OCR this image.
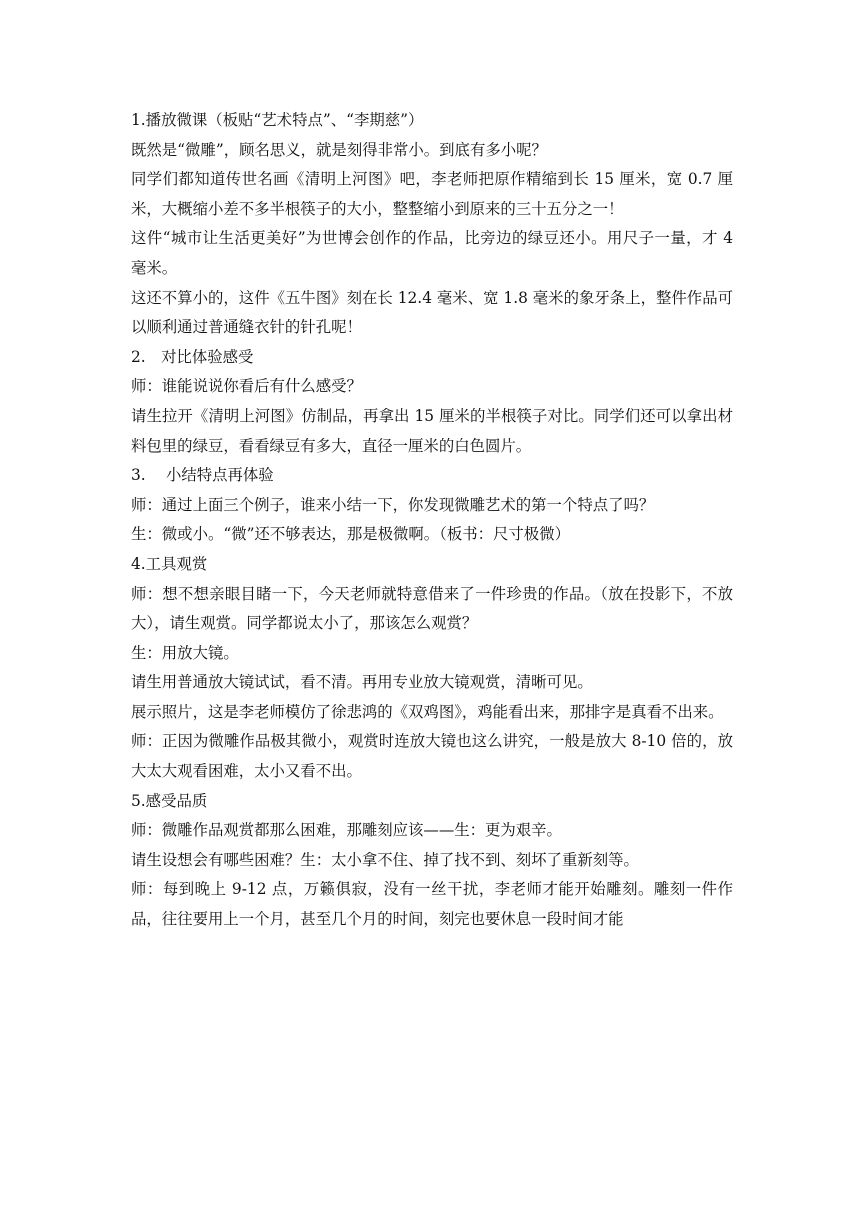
1.播放微课（板贴“艺术特点”、“李期慈”）

既然是“微雕”，顾名思义，就是刻得非常小。到底有多小呢？

同学们都知道传世名画《清明上河图》吧，李老师把原作精缩到长 15 厘米，宽 0.7 厘米，大概缩小差不多半根筷子的大小，整整缩小到原来的三十五分之一！

这件“城市让生活更美好”为世博会创作的作品，比旁边的绿豆还小。用尺子一量，才 4 毫米。

这还不算小的，这件《五牛图》刻在长 12.4 毫米、宽 1.8 毫米的象牙条上，整件作品可以顺利通过普通缝衣针的针孔呢！

2.　对比体验感受

师：谁能说说你看后有什么感受？

请生拉开《清明上河图》仿制品，再拿出 15 厘米的半根筷子对比。同学们还可以拿出材料包里的绿豆，看看绿豆有多大，直径一厘米的白色圆片。

3.　 小结特点再体验

师：通过上面三个例子，谁来小结一下，你发现微雕艺术的第一个特点了吗？

生：微或小。“微”还不够表达，那是极微啊。（板书：尺寸极微）

4.工具观赏

师：想不想亲眼目睹一下，今天老师就特意借来了一件珍贵的作品。（放在投影下，不放大），请生观赏。同学都说太小了，那该怎么观赏？

生：用放大镜。

请生用普通放大镜试试，看不清。再用专业放大镜观赏，清晰可见。

展示照片，这是李老师模仿了徐悲鸿的《双鸡图》，鸡能看出来，那排字是真看不出来。

师：正因为微雕作品极其微小，观赏时连放大镜也这么讲究，一般是放大 8-10 倍的，放大太大观看困难，太小又看不出。

5.感受品质

师：微雕作品观赏都那么困难，那雕刻应该——生：更为艰辛。

请生设想会有哪些困难？生：太小拿不住、掉了找不到、刻坏了重新刻等。

师：每到晚上 9-12 点，万籁俱寂，没有一丝干扰，李老师才能开始雕刻。雕刻一件作品，往往要用上一个月，甚至几个月的时间，刻完也要休息一段时间才能
